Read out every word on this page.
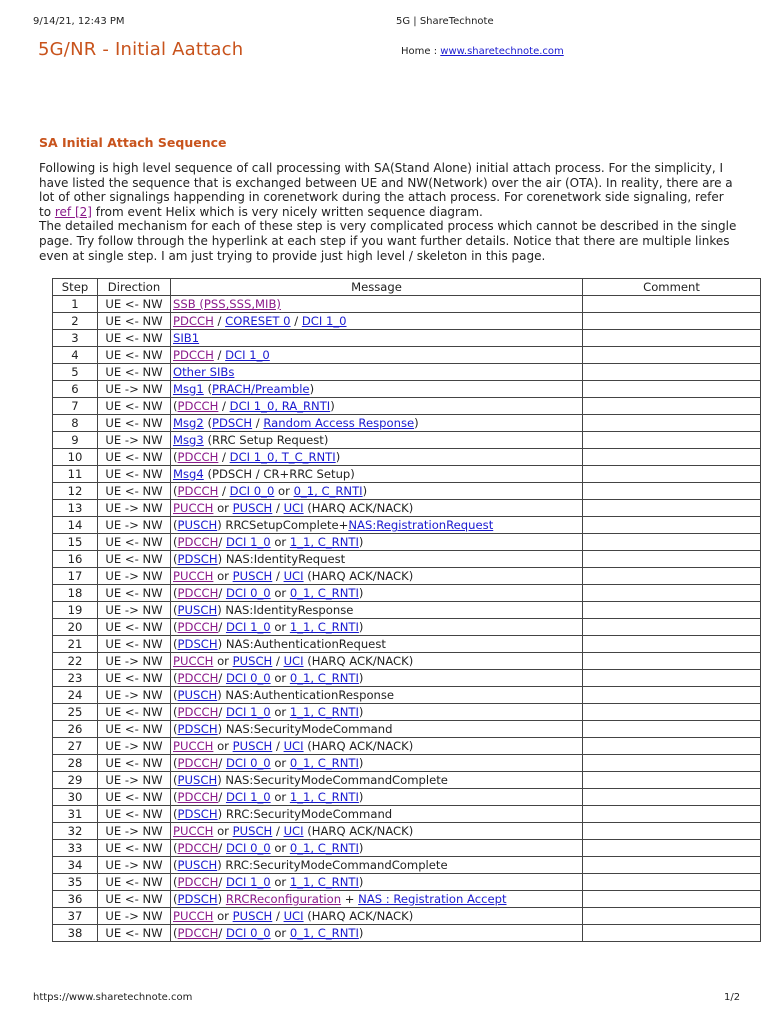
9/14/21, 12:43 PM	5G | ShareTechnote
5G/NR - Initial Aattach	Home : www.sharetechnote.com
SA Initial Attach Sequence

Following is high level sequence of call processing with SA(Stand Alone) initial attach process. For the simplicity, I have listed the sequence that is exchanged between UE and NW(Network) over the air (OTA). In reality, there are a lot of other signalings happending in corenetwork during the attach process. For corenetwork side signaling, refer to ref [2] from event Helix which is very nicely written sequence diagram.

The detailed mechanism for each of these step is very complicated process which cannot be described in the single page. Try follow through the hyperlink at each step if you want further details. Notice that there are multiple linkes even at single step. I am just trying to provide just high level / skeleton in this page.

Step	Direction	Message	Comment
1	UE <- NW	SSB (PSS,SSS,MIB)	
2	UE <- NW	PDCCH / CORESET 0 / DCI 1_0	
3	UE <- NW	SIB1	
4	UE <- NW	PDCCH / DCI 1_0	
5	UE <- NW	Other SIBs	
6	UE -> NW	Msg1 (PRACH/Preamble)	
7	UE <- NW	(PDCCH / DCI 1_0, RA_RNTI)	
8	UE <- NW	Msg2 (PDSCH / Random Access Response)	
9	UE -> NW	Msg3 (RRC Setup Request)	
10	UE <- NW	(PDCCH / DCI 1_0, T_C_RNTI)	
11	UE <- NW	Msg4 (PDSCH / CR+RRC Setup)	
12	UE <- NW	(PDCCH / DCI 0_0 or 0_1, C_RNTI)	
13	UE -> NW	PUCCH or PUSCH / UCI (HARQ ACK/NACK)	
14	UE -> NW	(PUSCH) RRCSetupComplete+NAS:RegistrationRequest	
15	UE <- NW	(PDCCH/ DCI 1_0 or 1_1, C_RNTI)	
16	UE <- NW	(PDSCH) NAS:IdentityRequest	
17	UE -> NW	PUCCH or PUSCH / UCI (HARQ ACK/NACK)	
18	UE <- NW	(PDCCH/ DCI 0_0 or 0_1, C_RNTI)	
19	UE -> NW	(PUSCH) NAS:IdentityResponse	
20	UE <- NW	(PDCCH/ DCI 1_0 or 1_1, C_RNTI)	
21	UE <- NW	(PDSCH) NAS:AuthenticationRequest	
22	UE -> NW	PUCCH or PUSCH / UCI (HARQ ACK/NACK)	
23	UE <- NW	(PDCCH/ DCI 0_0 or 0_1, C_RNTI)	
24	UE -> NW	(PUSCH) NAS:AuthenticationResponse	
25	UE <- NW	(PDCCH/ DCI 1_0 or 1_1, C_RNTI)	
26	UE <- NW	(PDSCH) NAS:SecurityModeCommand	
27	UE -> NW	PUCCH or PUSCH / UCI (HARQ ACK/NACK)	
28	UE <- NW	(PDCCH/ DCI 0_0 or 0_1, C_RNTI)	
29	UE -> NW	(PUSCH) NAS:SecurityModeCommandComplete	
30	UE <- NW	(PDCCH/ DCI 1_0 or 1_1, C_RNTI)	
31	UE <- NW	(PDSCH) RRC:SecurityModeCommand	
32	UE -> NW	PUCCH or PUSCH / UCI (HARQ ACK/NACK)	
33	UE <- NW	(PDCCH/ DCI 0_0 or 0_1, C_RNTI)	
34	UE -> NW	(PUSCH) RRC:SecurityModeCommandComplete	
35	UE <- NW	(PDCCH/ DCI 1_0 or 1_1, C_RNTI)	
36	UE <- NW	(PDSCH) RRCReconfiguration + NAS : Registration Accept	
37	UE -> NW	PUCCH or PUSCH / UCI (HARQ ACK/NACK)	
38	UE <- NW	(PDCCH/ DCI 0_0 or 0_1, C_RNTI)	
https://www.sharetechnote.com	1/2
